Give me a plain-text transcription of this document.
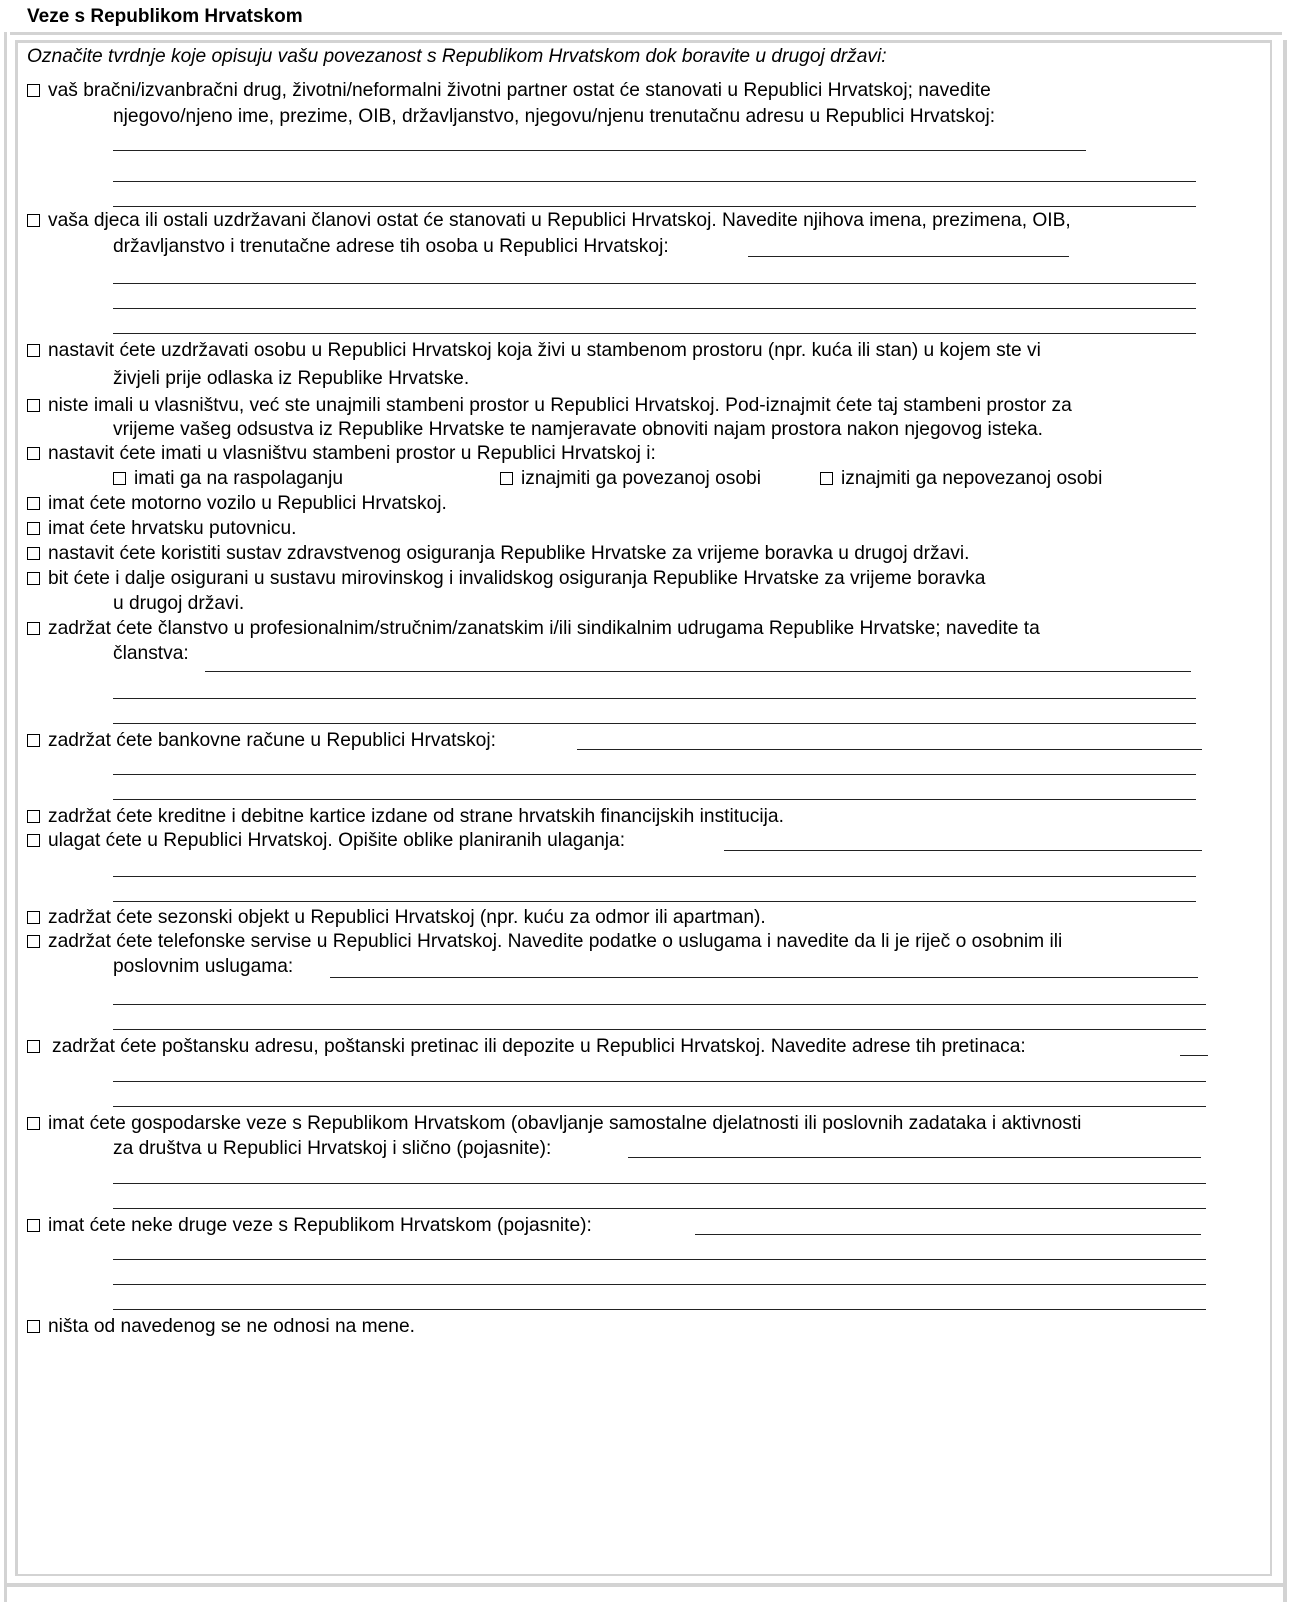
Veze s Republikom Hrvatskom
Označite tvrdnje koje opisuju vašu povezanost s Republikom Hrvatskom dok boravite u drugoj državi:
vaš bračni/izvanbračni drug, životni/neformalni životni partner ostat će stanovati u Republici Hrvatskoj; navedite
njegovo/njeno ime, prezime, OIB, državljanstvo, njegovu/njenu trenutačnu adresu u Republici Hrvatskoj:
vaša djeca ili ostali uzdržavani članovi ostat će stanovati u Republici Hrvatskoj. Navedite njihova imena, prezimena, OIB,
državljanstvo i trenutačne adrese tih osoba u Republici Hrvatskoj:
nastavit ćete uzdržavati osobu u Republici Hrvatskoj koja živi u stambenom prostoru (npr. kuća ili stan) u kojem ste vi
živjeli prije odlaska iz Republike Hrvatske.
niste imali u vlasništvu, već ste unajmili stambeni prostor u Republici Hrvatskoj. Pod-iznajmit ćete taj stambeni prostor za
vrijeme vašeg odsustva iz Republike Hrvatske te namjeravate obnoviti najam prostora nakon njegovog isteka.
nastavit ćete imati u vlasništvu stambeni prostor u Republici Hrvatskoj i:
imati ga na raspolaganju	iznajmiti ga povezanoj osobi	iznajmiti ga nepovezanoj osobi
imat ćete motorno vozilo u Republici Hrvatskoj.
imat ćete hrvatsku putovnicu.
nastavit ćete koristiti sustav zdravstvenog osiguranja Republike Hrvatske za vrijeme boravka u drugoj državi.
bit ćete i dalje osigurani u sustavu mirovinskog i invalidskog osiguranja Republike Hrvatske za vrijeme boravka
u drugoj državi.
zadržat ćete članstvo u profesionalnim/stručnim/zanatskim i/ili sindikalnim udrugama Republike Hrvatske; navedite ta
članstva:
zadržat ćete bankovne račune u Republici Hrvatskoj:
zadržat ćete kreditne i debitne kartice izdane od strane hrvatskih financijskih institucija.
ulagat ćete u Republici Hrvatskoj. Opišite oblike planiranih ulaganja:
zadržat ćete sezonski objekt u Republici Hrvatskoj (npr. kuću za odmor ili apartman).
zadržat ćete telefonske servise u Republici Hrvatskoj. Navedite podatke o uslugama i navedite da li je riječ o osobnim ili
poslovnim uslugama:
zadržat ćete poštansku adresu, poštanski pretinac ili depozite u Republici Hrvatskoj. Navedite adrese tih pretinaca:
imat ćete gospodarske veze s Republikom Hrvatskom (obavljanje samostalne djelatnosti ili poslovnih zadataka i aktivnosti
za društva u Republici Hrvatskoj i slično (pojasnite):
imat ćete neke druge veze s Republikom Hrvatskom (pojasnite):
ništa od navedenog se ne odnosi na mene.
